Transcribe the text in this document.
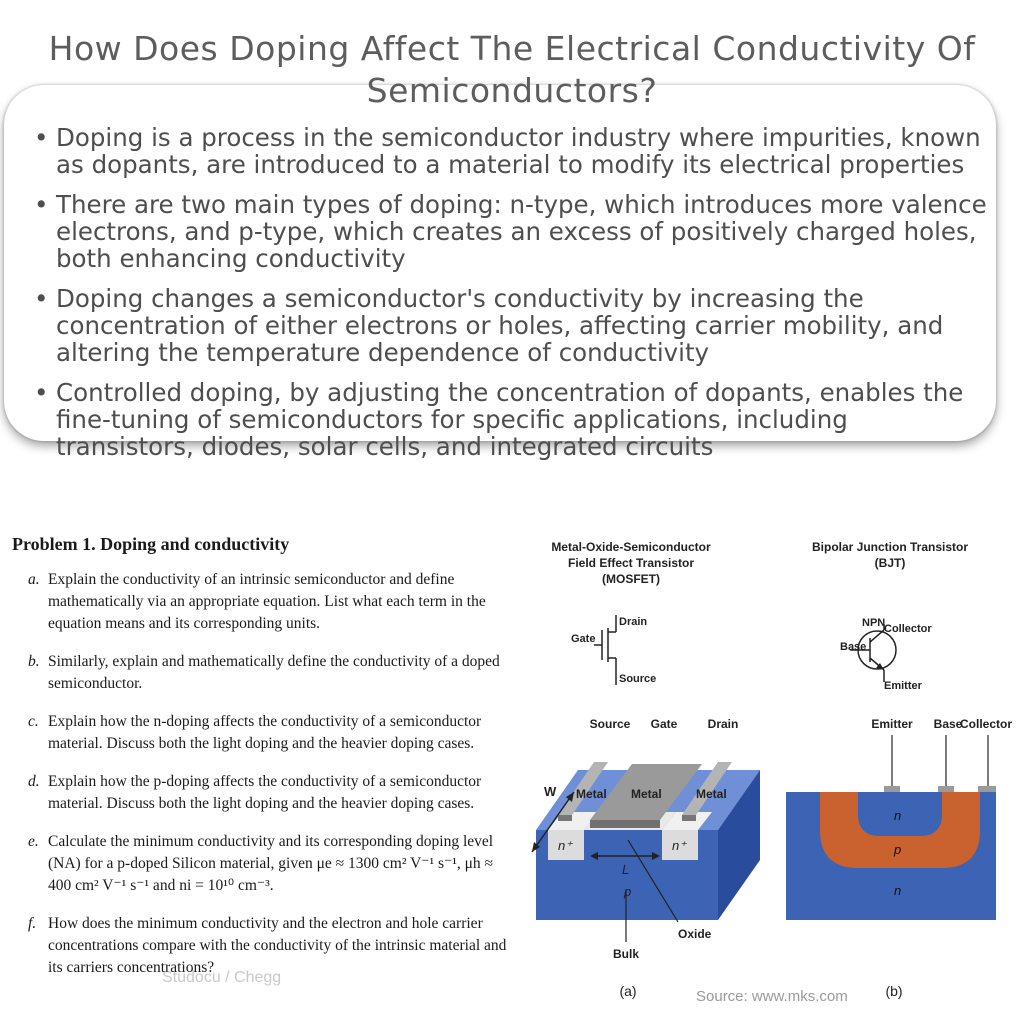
How Does Doping Affect The Electrical Conductivity Of Semiconductors?
• Doping is a process in the semiconductor industry where impurities, known as dopants, are introduced to a material to modify its electrical properties
• There are two main types of doping: n-type, which introduces more valence electrons, and p-type, which creates an excess of positively charged holes, both enhancing conductivity
• Doping changes a semiconductor's conductivity by increasing the concentration of either electrons or holes, affecting carrier mobility, and altering the temperature dependence of conductivity
• Controlled doping, by adjusting the concentration of dopants, enables the fine-tuning of semiconductors for specific applications, including transistors, diodes, solar cells, and integrated circuits
Problem 1. Doping and conductivity
a. Explain the conductivity of an intrinsic semiconductor and define mathematically via an appropriate equation. List what each term in the equation means and its corresponding units.
b. Similarly, explain and mathematically define the conductivity of a doped semiconductor.
c. Explain how the n-doping affects the conductivity of a semiconductor material. Discuss both the light doping and the heavier doping cases.
d. Explain how the p-doping affects the conductivity of a semiconductor material. Discuss both the light doping and the heavier doping cases.
e. Calculate the minimum conductivity and its corresponding doping level (NA) for a p-doped Silicon material, given μe ≈ 1300 cm² V⁻¹ s⁻¹, μh ≈ 400 cm² V⁻¹ s⁻¹ and ni = 10¹⁰ cm⁻³.
f. How does the minimum conductivity and the electron and hole carrier concentrations compare with the conductivity of the intrinsic material and its carriers concentrations?
Studocu / Chegg
Metal-Oxide-Semiconductor
Field Effect Transistor
(MOSFET)
Drain
Gate
Source
Source Gate	Drain
Metal Metal	Metal
W
n⁺	n⁺
L
p
Oxide
Bulk
(a)
Bipolar Junction Transistor
(BJT)
NPN
Collector
Base
Emitter
Emitter Base
Collector
n
p
n
(b)
Source: www.mks.com
